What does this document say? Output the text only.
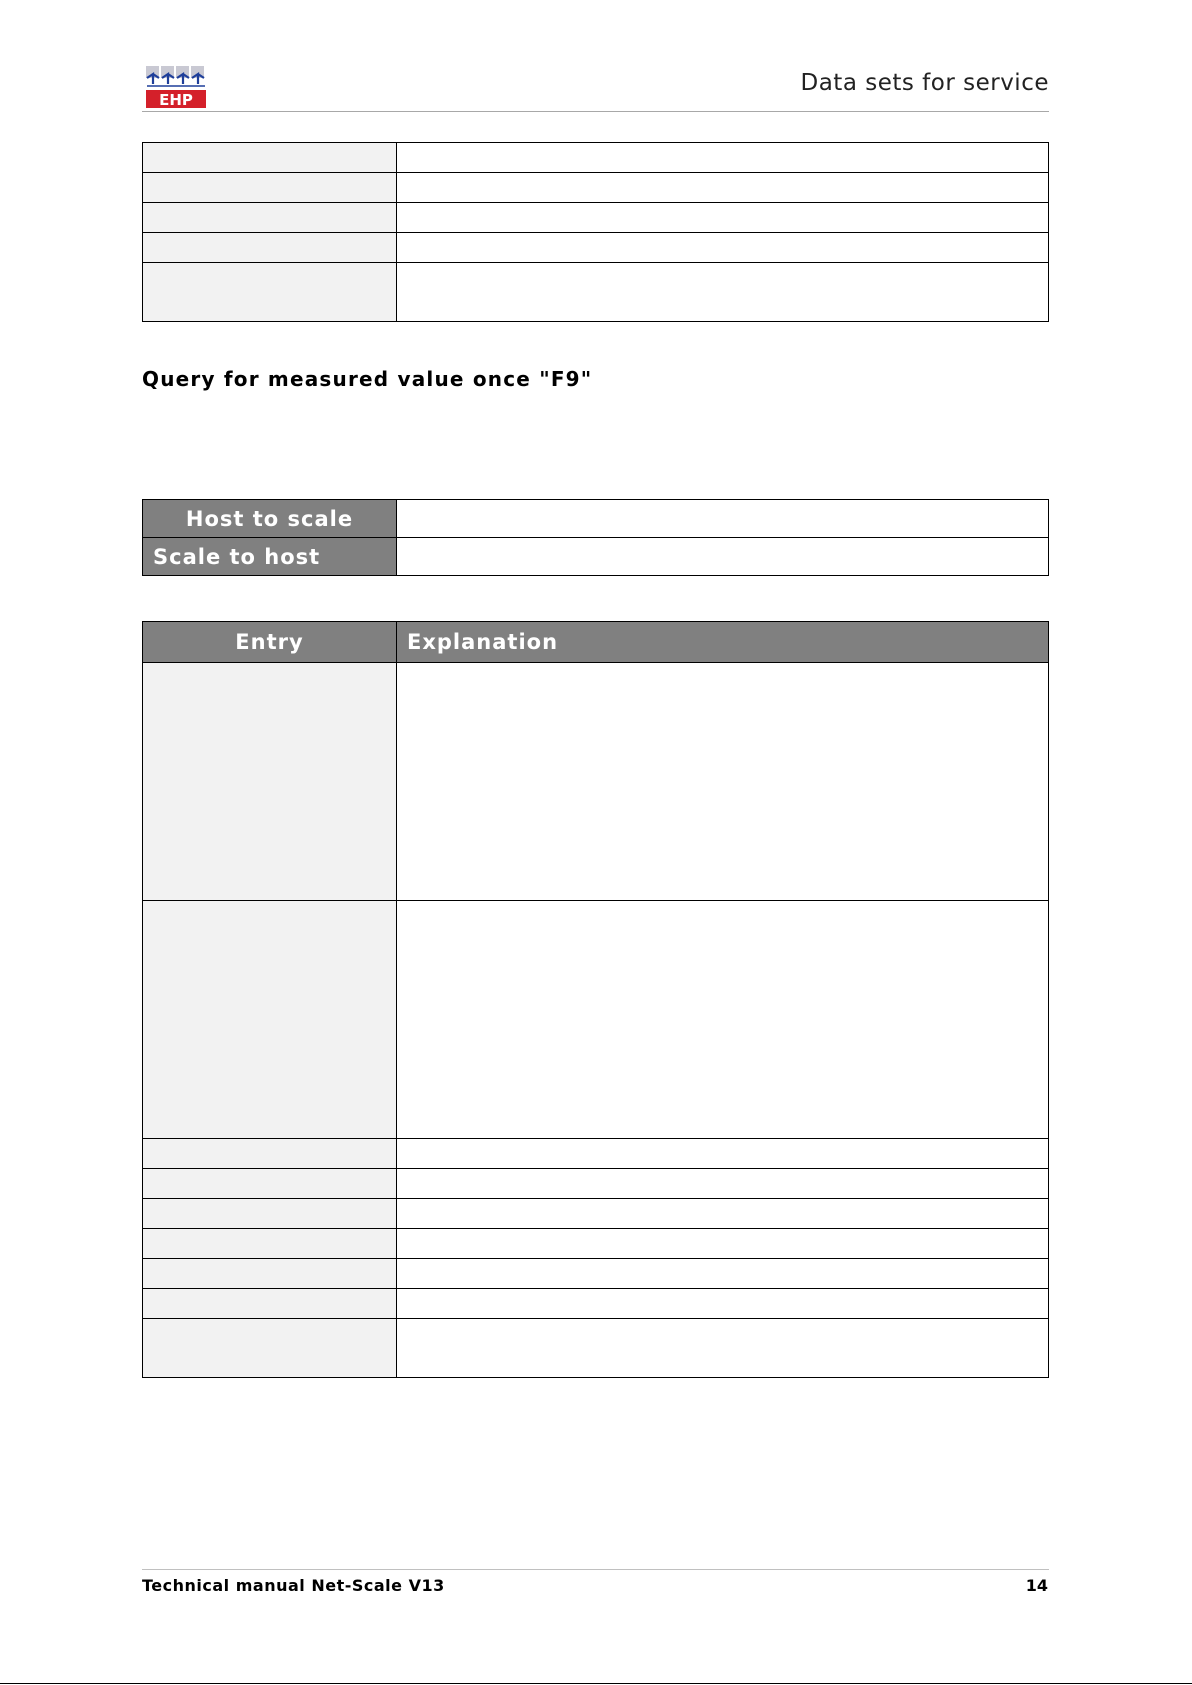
EHP
Data sets for service

Query for measured value once "F9"
Host to scale	
Scale to host	
Entry	Explanation

Technical manual Net-Scale V13	14
